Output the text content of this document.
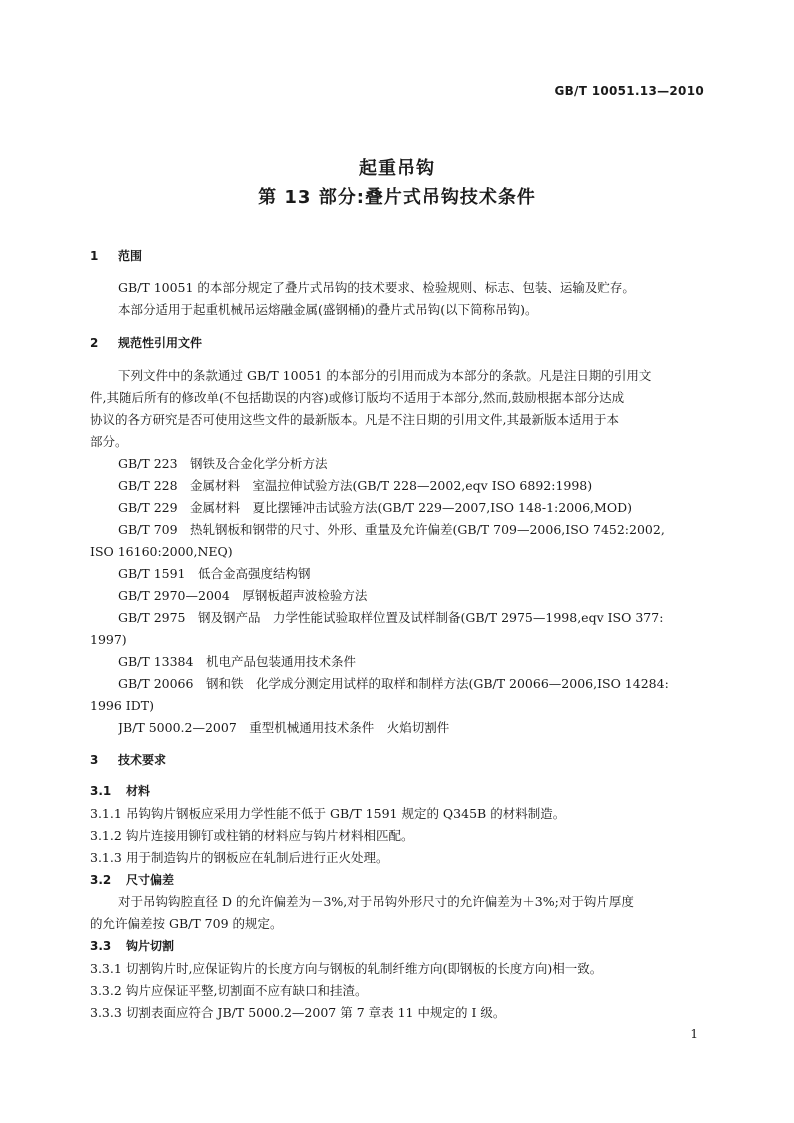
GB/T 10051.13—2010
起重吊钩
第 13 部分:叠片式吊钩技术条件
1 范围
GB/T 10051 的本部分规定了叠片式吊钩的技术要求、检验规则、标志、包装、运输及贮存。
本部分适用于起重机械吊运熔融金属(盛钢桶)的叠片式吊钩(以下简称吊钩)。
2 规范性引用文件
下列文件中的条款通过 GB/T 10051 的本部分的引用而成为本部分的条款。凡是注日期的引用文
件,其随后所有的修改单(不包括勘误的内容)或修订版均不适用于本部分,然而,鼓励根据本部分达成
协议的各方研究是否可使用这些文件的最新版本。凡是不注日期的引用文件,其最新版本适用于本
部分。
GB/T 223　钢铁及合金化学分析方法
GB/T 228　金属材料　室温拉伸试验方法(GB/T 228—2002,eqv ISO 6892:1998)
GB/T 229　金属材料　夏比摆锤冲击试验方法(GB/T 229—2007,ISO 148-1:2006,MOD)
GB/T 709　热轧钢板和钢带的尺寸、外形、重量及允许偏差(GB/T 709—2006,ISO 7452:2002,
ISO 16160:2000,NEQ)
GB/T 1591　低合金高强度结构钢
GB/T 2970—2004　厚钢板超声波检验方法
GB/T 2975　钢及钢产品　力学性能试验取样位置及试样制备(GB/T 2975—1998,eqv ISO 377:
1997)
GB/T 13384　机电产品包装通用技术条件
GB/T 20066　钢和铁　化学成分测定用试样的取样和制样方法(GB/T 20066—2006,ISO 14284:
1996 IDT)
JB/T 5000.2—2007　重型机械通用技术条件　火焰切割件
3 技术要求
3.1 材料
3.1.1 吊钩钩片钢板应采用力学性能不低于 GB/T 1591 规定的 Q345B 的材料制造。
3.1.2 钩片连接用铆钉或柱销的材料应与钩片材料相匹配。
3.1.3 用于制造钩片的钢板应在轧制后进行正火处理。
3.2 尺寸偏差
对于吊钩钩腔直径 D 的允许偏差为－3%,对于吊钩外形尺寸的允许偏差为＋3%;对于钩片厚度
的允许偏差按 GB/T 709 的规定。
3.3 钩片切割
3.3.1 切割钩片时,应保证钩片的长度方向与钢板的轧制纤维方向(即钢板的长度方向)相一致。
3.3.2 钩片应保证平整,切割面不应有缺口和挂渣。
3.3.3 切割表面应符合 JB/T 5000.2—2007 第 7 章表 11 中规定的 Ⅰ 级。
1
